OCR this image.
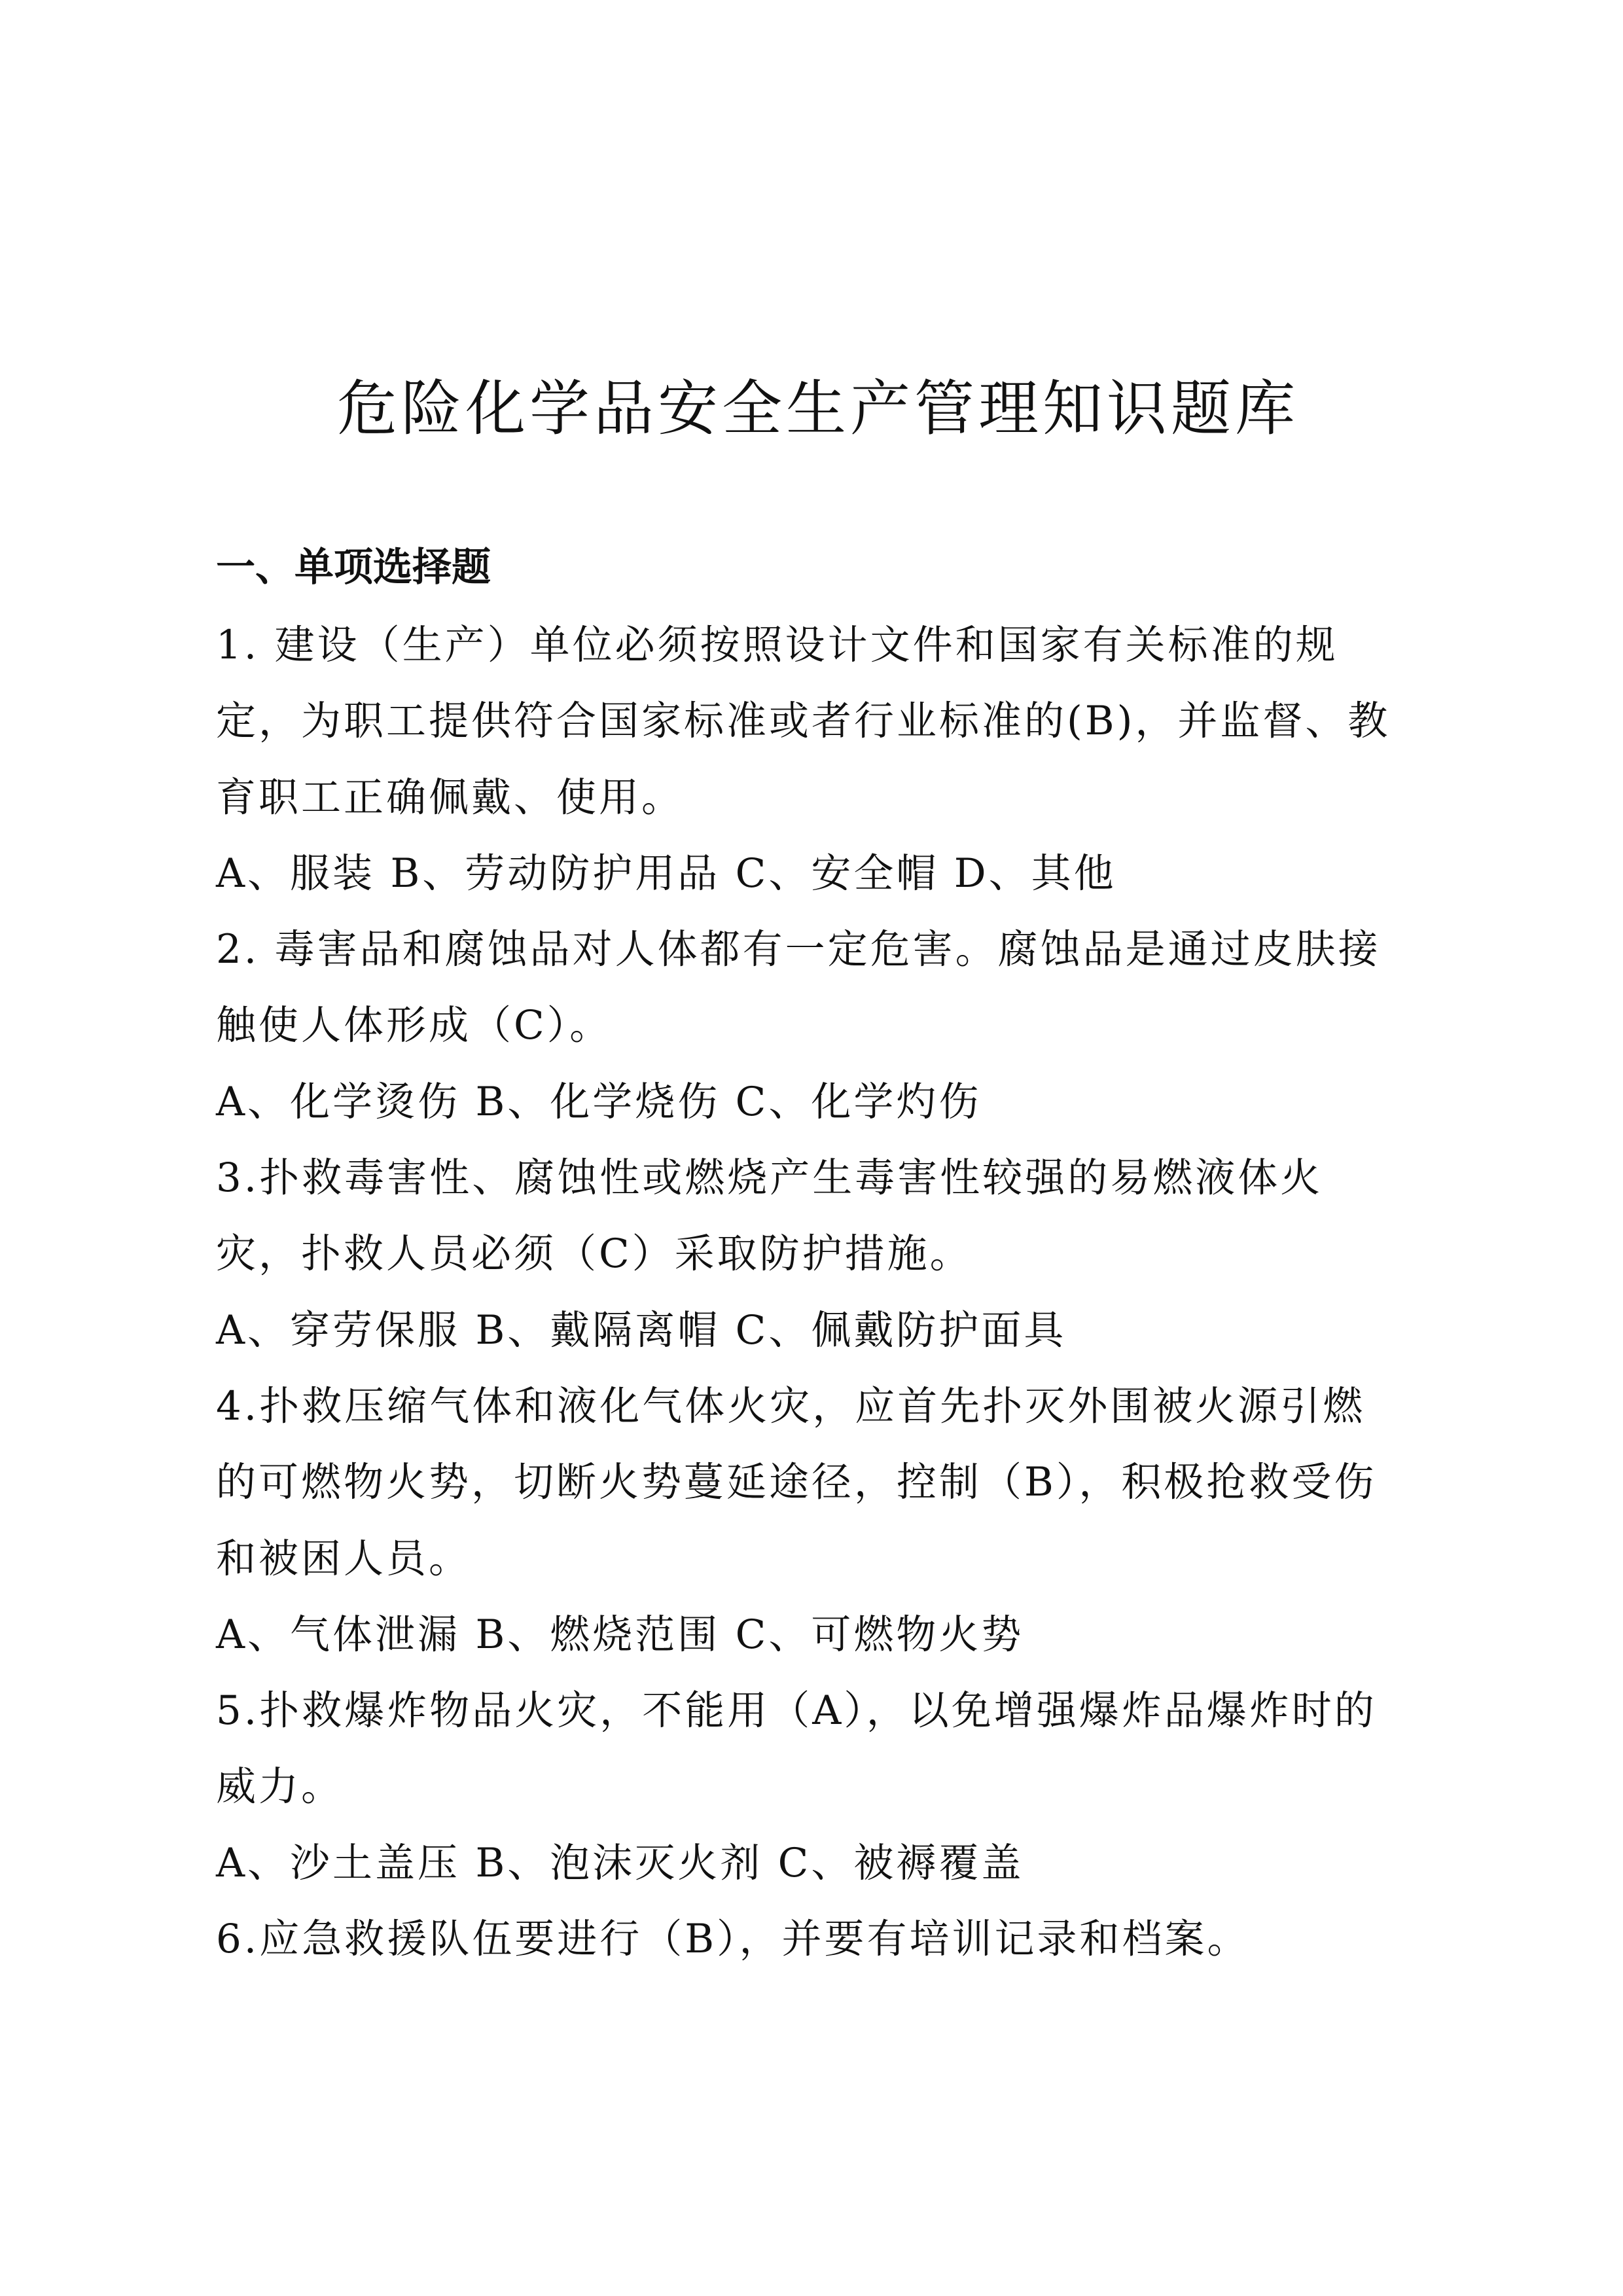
危险化学品安全生产管理知识题库
一、单项选择题
1. 建设（生产）单位必须按照设计文件和国家有关标准的规
定，为职工提供符合国家标准或者行业标准的(B)，并监督、教
育职工正确佩戴、使用。
A、服装 B、劳动防护用品 C、安全帽 D、其他
2. 毒害品和腐蚀品对人体都有一定危害。腐蚀品是通过皮肤接
触使人体形成（C）。
A、化学烫伤 B、化学烧伤 C、化学灼伤
3.扑救毒害性、腐蚀性或燃烧产生毒害性较强的易燃液体火
灾，扑救人员必须（C）采取防护措施。
A、穿劳保服 B、戴隔离帽 C、佩戴防护面具
4.扑救压缩气体和液化气体火灾，应首先扑灭外围被火源引燃
的可燃物火势，切断火势蔓延途径，控制（B），积极抢救受伤
和被困人员。
A、气体泄漏 B、燃烧范围 C、可燃物火势
5.扑救爆炸物品火灾，不能用（A），以免增强爆炸品爆炸时的
威力。
A、沙土盖压 B、泡沫灭火剂 C、被褥覆盖
6.应急救援队伍要进行（B），并要有培训记录和档案。
